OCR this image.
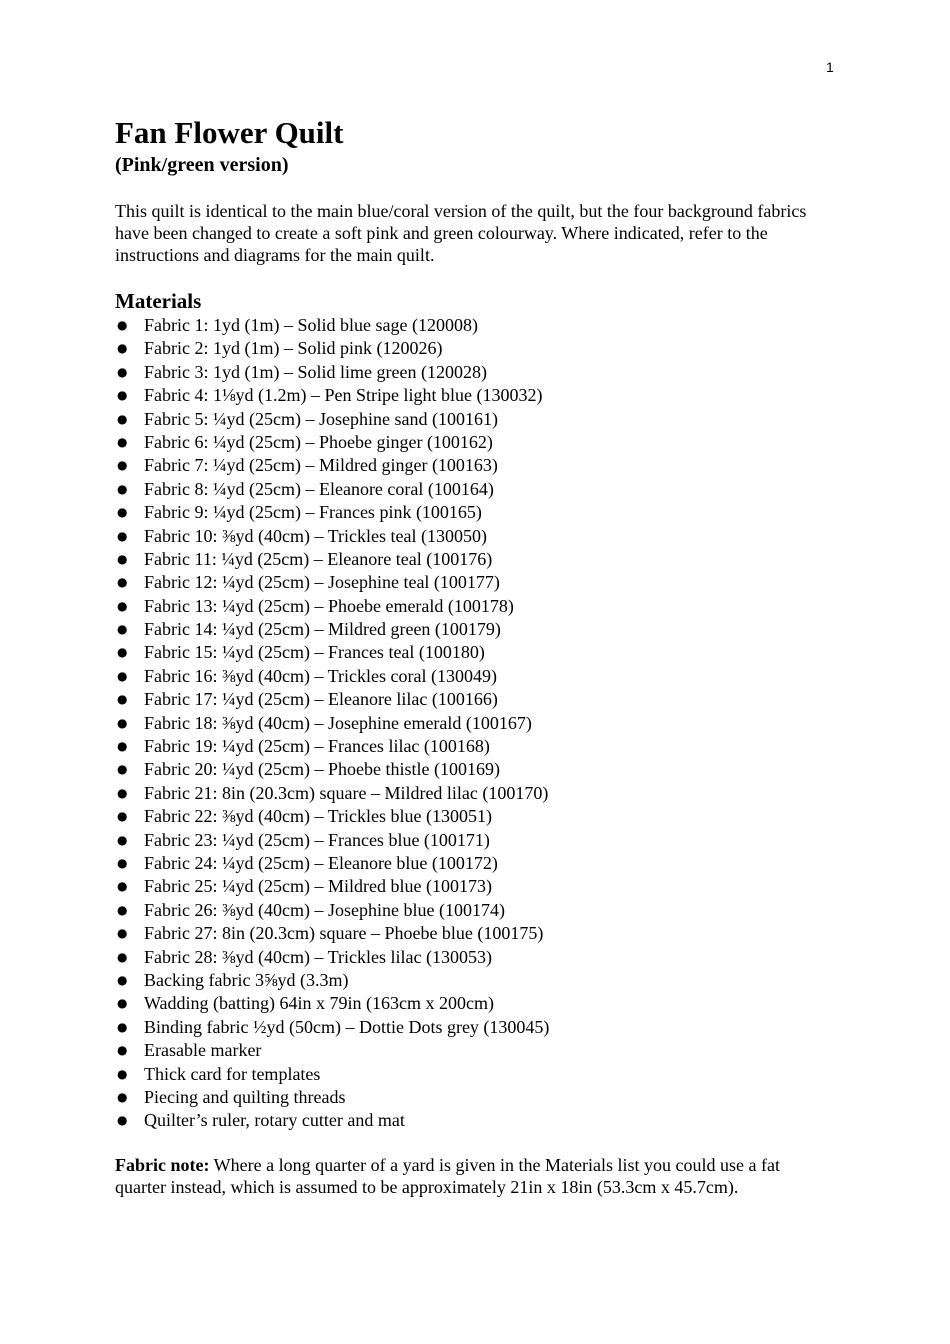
1
Fan Flower Quilt
(Pink/green version)

This quilt is identical to the main blue/coral version of the quilt, but the four background fabrics have been changed to create a soft pink and green colourway. Where indicated, refer to the instructions and diagrams for the main quilt.

Materials
● Fabric 1: 1yd (1m) – Solid blue sage (120008)
● Fabric 2: 1yd (1m) – Solid pink (120026)
● Fabric 3: 1yd (1m) – Solid lime green (120028)
● Fabric 4: 1⅛yd (1.2m) – Pen Stripe light blue (130032)
● Fabric 5: ¼yd (25cm) – Josephine sand (100161)
● Fabric 6: ¼yd (25cm) – Phoebe ginger (100162)
● Fabric 7: ¼yd (25cm) – Mildred ginger (100163)
● Fabric 8: ¼yd (25cm) – Eleanore coral (100164)
● Fabric 9: ¼yd (25cm) – Frances pink (100165)
● Fabric 10: ⅜yd (40cm) – Trickles teal (130050)
● Fabric 11: ¼yd (25cm) – Eleanore teal (100176)
● Fabric 12: ¼yd (25cm) – Josephine teal (100177)
● Fabric 13: ¼yd (25cm) – Phoebe emerald (100178)
● Fabric 14: ¼yd (25cm) – Mildred green (100179)
● Fabric 15: ¼yd (25cm) – Frances teal (100180)
● Fabric 16: ⅜yd (40cm) – Trickles coral (130049)
● Fabric 17: ¼yd (25cm) – Eleanore lilac (100166)
● Fabric 18: ⅜yd (40cm) – Josephine emerald (100167)
● Fabric 19: ¼yd (25cm) – Frances lilac (100168)
● Fabric 20: ¼yd (25cm) – Phoebe thistle (100169)
● Fabric 21: 8in (20.3cm) square – Mildred lilac (100170)
● Fabric 22: ⅜yd (40cm) – Trickles blue (130051)
● Fabric 23: ¼yd (25cm) – Frances blue (100171)
● Fabric 24: ¼yd (25cm) – Eleanore blue (100172)
● Fabric 25: ¼yd (25cm) – Mildred blue (100173)
● Fabric 26: ⅜yd (40cm) – Josephine blue (100174)
● Fabric 27: 8in (20.3cm) square – Phoebe blue (100175)
● Fabric 28: ⅜yd (40cm) – Trickles lilac (130053)
● Backing fabric 3⅝yd (3.3m)
● Wadding (batting) 64in x 79in (163cm x 200cm)
● Binding fabric ½yd (50cm) – Dottie Dots grey (130045)
● Erasable marker
● Thick card for templates
● Piecing and quilting threads
● Quilter’s ruler, rotary cutter and mat

Fabric note: Where a long quarter of a yard is given in the Materials list you could use a fat quarter instead, which is assumed to be approximately 21in x 18in (53.3cm x 45.7cm).
